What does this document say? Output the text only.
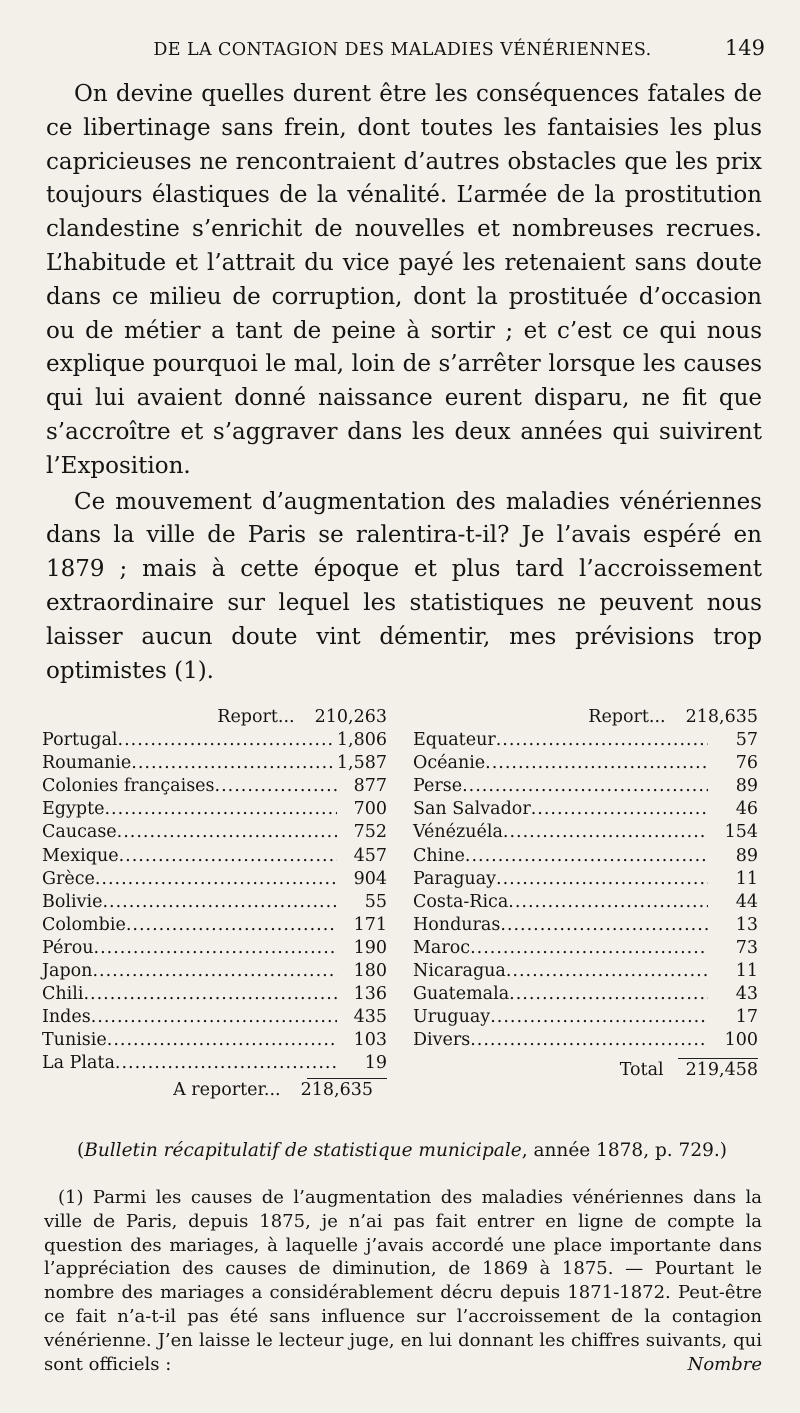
DE LA CONTAGION DES MALADIES VÉNÉRIENNES.	149

On devine quelles durent être les conséquences fatales de ce libertinage sans frein, dont toutes les fantaisies les plus capricieuses ne rencontraient d’autres obstacles que les prix toujours élastiques de la vénalité. L’armée de la prostitution clandestine s’enrichit de nouvelles et nombreuses recrues. L’habitude et l’attrait du vice payé les retenaient sans doute dans ce milieu de corruption, dont la prostituée d’occasion ou de métier a tant de peine à sortir ; et c’est ce qui nous explique pourquoi le mal, loin de s’arrêter lorsque les causes qui lui avaient donné naissance eurent disparu, ne fit que s’accroître et s’aggraver dans les deux années qui suivirent l’Exposition.

Ce mouvement d’augmentation des maladies vénériennes dans la ville de Paris se ralentira-t-il? Je l’avais espéré en 1879 ; mais à cette époque et plus tard l’accroissement extraordinaire sur lequel les statistiques ne peuvent nous laisser aucun doute vint démentir, mes prévisions trop optimistes (1).

Report... 210,263
Portugal .....	1,806
Roumanie .....	1,587
Colonies françaises .....	877
Egypte .....	700
Caucase .....	752
Mexique .....	457
Grèce .....	904
Bolivie .....	55
Colombie .....	171
Pérou .....	190
Japon .....	180
Chili .....	136
Indes .....	435
Tunisie .....	103
La Plata .....	19
A reporter... 218,635
Report... 218,635
Equateur .....	57
Océanie .....	76
Perse .....	89
San Salvador .....	46
Vénézuéla .....	154
Chine .....	89
Paraguay .....	11
Costa-Rica .....	44
Honduras .....	13
Maroc .....	73
Nicaragua .....	11
Guatemala .....	43
Uruguay .....	17
Divers .....	100
Total 219,458
(Bulletin récapitulatif de statistique municipale, année 1878, p. 729.)

(1) Parmi les causes de l’augmentation des maladies vénériennes dans la ville de Paris, depuis 1875, je n’ai pas fait entrer en ligne de compte la question des mariages, à laquelle j’avais accordé une place importante dans l’appréciation des causes de diminution, de 1869 à 1875. — Pourtant le nombre des mariages a considérablement décru depuis 1871-1872. Peut-être ce fait n’a-t-il pas été sans influence sur l’accroissement de la contagion vénérienne. J’en laisse le lecteur juge, en lui donnant les chiffres suivants, qui sont officiels :	Nombre
